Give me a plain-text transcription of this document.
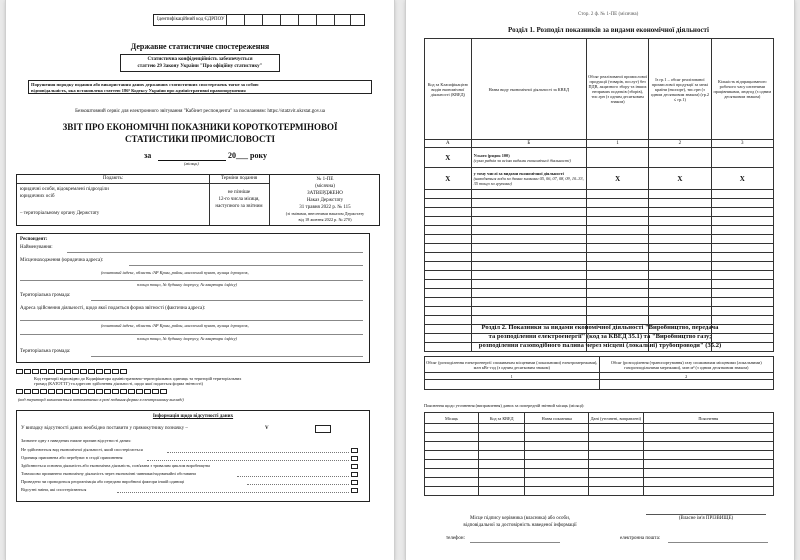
Ідентифікаційний код ЄДРПОУ
Державне статистичне спостереження
Статистична конфіденційність забезпечується
статтею 29 Закону України "Про офіційну статистику"
Порушення порядку подання або використання даних державних статистичних спостережень тягне за собою
відповідальність, яка встановлена статтею 186³ Кодексу України про адміністративні правопорушення
Безкоштовний сервіс для електронного звітування "Кабінет респондента" за посиланням: https://statzvit.ukrstat.gov.ua
ЗВІТ ПРО ЕКОНОМІЧНІ ПОКАЗНИКИ КОРОТКОТЕРМІНОВОЇ
СТАТИСТИКИ ПРОМИСЛОВОСТІ
за	20___ року
(місяць)
Подають:	Терміни подання
юридичні особи, відокремлені підрозділи
юридичних осіб
– територіальному органу Держстату
не пізніше
12-го числа місяця,
наступного за звітним
№ 1-ПЕ
(місячна)
ЗАТВЕРДЖЕНО
Наказ Держстату
31 травня 2022 р. № 115
(зі змінами, внесеними наказом Держстату
від 18 жовтня 2022 р. № 270)
Респондент:
Найменування:
Місцезнаходження (юридична адреса):
(поштовий індекс, область /АР Крим, район, населений пункт, вулиця /провулок,
площа тощо, № будинку /корпусу, № квартири /офісу)
Територіальна громада:
Адреса здійснення діяльності, щодо якої подається форма звітності (фактична адреса):
(поштовий індекс, область /АР Крим, район, населений пункт, вулиця /провулок,
площа тощо, № будинку /корпусу, № квартири /офісу)
Територіальна громада:
Код території відповідно до Кодифікатора адміністративно-територіальних одиниць та територій територіальних
громад (КАТОТТГ) та адресою здійснення діяльності, щодо якої подається форма звітності)
(код території визначається автоматично в разі подання форми в електронному вигляді)
Інформація щодо відсутності даних
У випадку відсутності даних необхідно поставити у прямокутнику позначку –	V
Зазначте одну з наведених нижче причин відсутності даних:
Не здійснюється вид економічної діяльності, який спостерігається
Одиниця припинена або перебуває в стадії припинення
Здійснюється основна діяльність або економічна діяльність, пов'язана з тривалим циклом виробництва
Тимчасово припинено економічну діяльність через економічні чинники/надзвичайні обставини
Проведено чи проводиться реорганізація або передано виробничі фактори іншій одиниці
Відсутні зміни, які спостерігаються
Стор. 2 ф. № 1-ПЕ (місячна)
Розділ 1. Розподіл показників за видами економічної діяльності
Код за Класифікацією видів економічної діяльності (КВЕД)	Назва виду економічної діяльності за КВЕД	Обсяг реалізованої промислової продукції (товарів, послуг) без ПДВ, акцизного збору та інших непрямих податків (зборів), тис.грн (з одним десятковим знаком)	Із гр.1 – обсяг реалізованої промислової продукції за межі країни (експорт), тис.грн (з одним десятковим знаком) (гр.2 ≤ гр.1)	Кількість відпрацьованого робочого часу штатними працівниками, людгод (з одним десятковим знаком)
А	Б	1	2	3
Х	Усього (рядок 100)
(сума рядків за всіма видами економічної діяльності)			

Х	у тому числі за видами економічної діяльності
(наводяться коди за двома знаками 05, 06, 07, 08, 09, 10–33, 35 тощо за групами)	Х	Х	Х

Розділ 2. Показники за видами економічної діяльності "Виробництво, передача
та розподілення електроенергії" (код за КВЕД 35.1) та "Виробництво газу;
розподілення газоподібного палива через місцеві (локальні) трубопроводи" (35.2)
Обсяг (розподілення електроенергії споживачам місцевими (локальними) електромережами), млн кВт·год (з одним десятковим знаком)	Обсяг (розподілення (транспортування) газу споживачам місцевими (локальними) газорозподільними мережами), млн м³ (з одним десятковим знаком)
1	2

Пояснення щодо уточнення (виправлення) даних за попередній звітний місяць (місяці):
Місяць	Код за КВЕД	Назва показника	Дані (уточнені, виправлені)	Пояснення

Місце підпису керівника (власника) або особи,
відповідальної за достовірність наведеної інформації
(Власне ім'я ПРІЗВИЩЕ)
телефон:	електронна пошта:
